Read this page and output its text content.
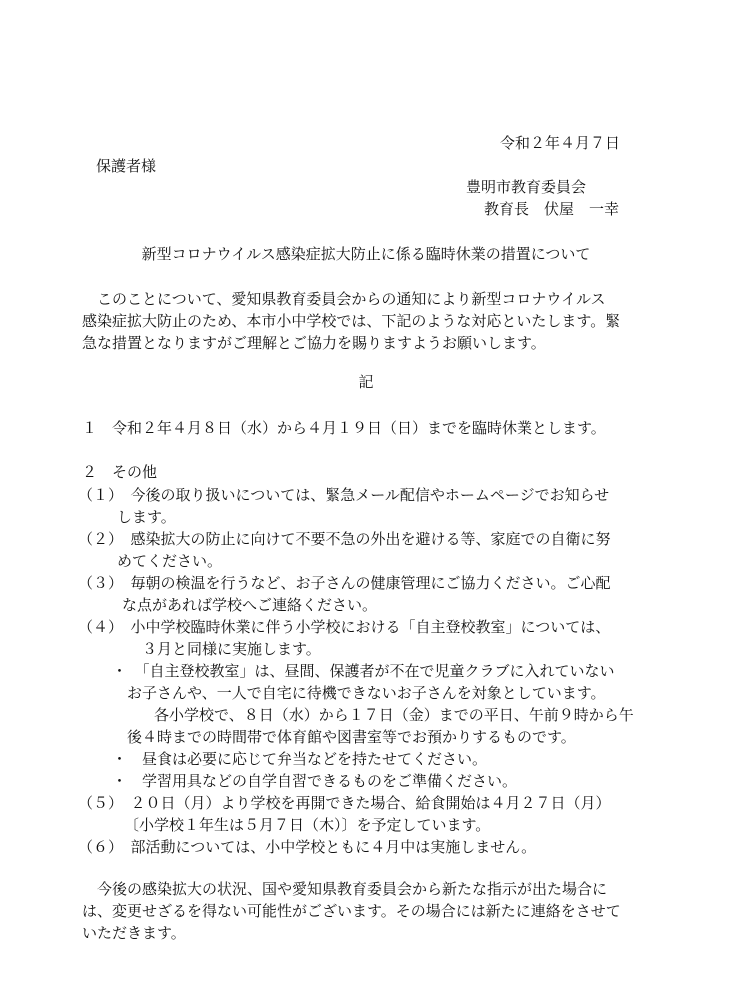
令和２年４月７日
保護者様
豊明市教育委員会
教育長　伏屋　一幸
新型コロナウイルス感染症拡大防止に係る臨時休業の措置について
　このことについて、愛知県教育委員会からの通知により新型コロナウイルス
感染症拡大防止のため、本市小中学校では、下記のような対応といたします。緊
急な措置となりますがご理解とご協力を賜りますようお願いします。
記
１　令和２年４月８日（水）から４月１９日（日）までを臨時休業とします。
２　その他
（１）　今後の取り扱いについては、緊急メール配信やホームページでお知らせ
します。
（２）　感染拡大の防止に向けて不要不急の外出を避ける等、家庭での自衛に努
めてください。
（３）　毎朝の検温を行うなど、お子さんの健康管理にご協力ください。ご心配
な点があれば学校へご連絡ください。
（４）　小中学校臨時休業に伴う小学校における「自主登校教室」については、
３月と同様に実施します。
・　「自主登校教室」は、昼間、保護者が不在で児童クラブに入れていない
お子さんや、一人で自宅に待機できないお子さんを対象としています。
各小学校で、８日（水）から１７日（金）までの平日、午前９時から午
後４時までの時間帯で体育館や図書室等でお預かりするものです。
・　昼食は必要に応じて弁当などを持たせてください。
・　学習用具などの自学自習できるものをご準備ください。
（５）　２０日（月）より学校を再開できた場合、給食開始は４月２７日（月）
〔小学校１年生は５月７日（木）〕を予定しています。
（６）　部活動については、小中学校ともに４月中は実施しません。
　今後の感染拡大の状況、国や愛知県教育委員会から新たな指示が出た場合に
は、変更せざるを得ない可能性がございます。その場合には新たに連絡をさせて
いただきます。
